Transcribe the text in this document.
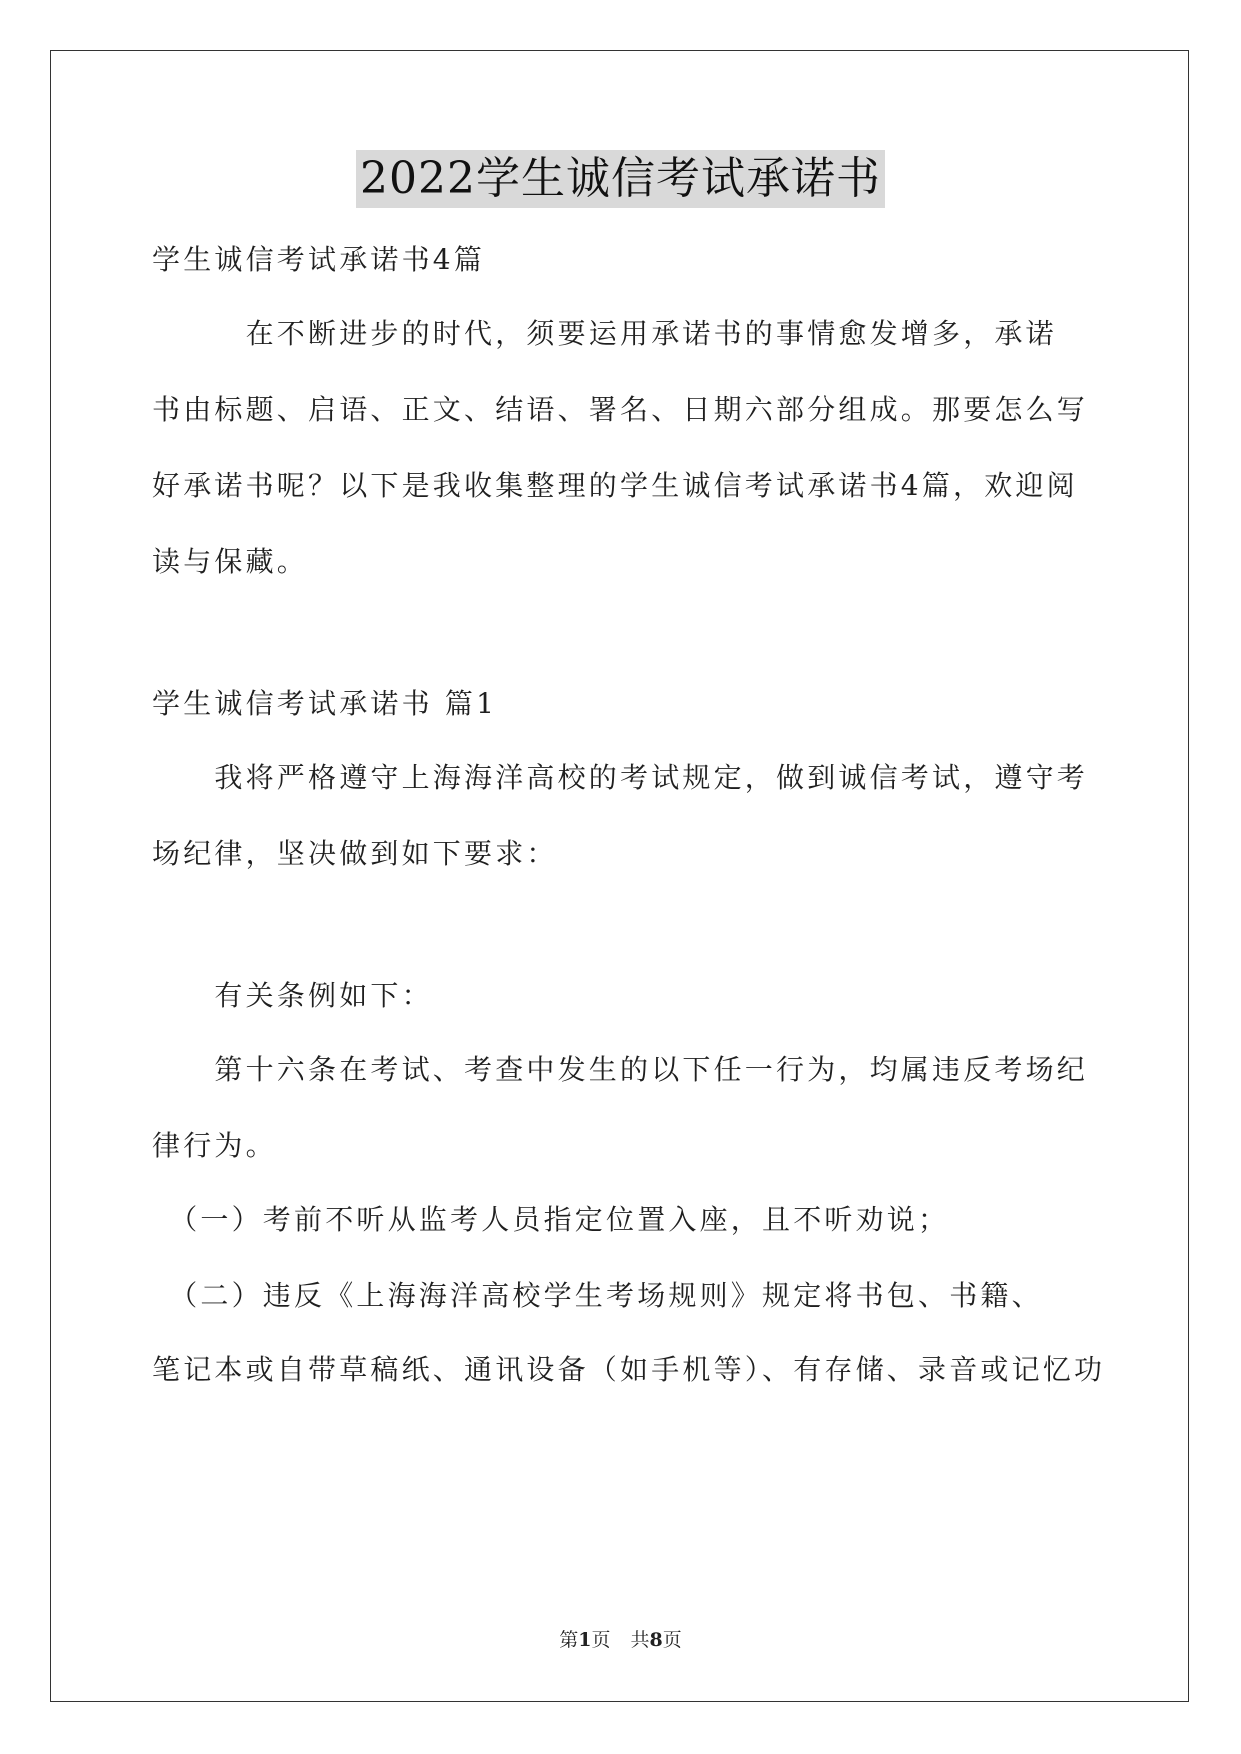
2022学生诚信考试承诺书
学生诚信考试承诺书4篇
　　　在不断进步的时代，须要运用承诺书的事情愈发增多，承诺
书由标题、启语、正文、结语、署名、日期六部分组成。那要怎么写
好承诺书呢？以下是我收集整理的学生诚信考试承诺书4篇，欢迎阅
读与保藏。
学生诚信考试承诺书 篇1
　　我将严格遵守上海海洋高校的考试规定，做到诚信考试，遵守考
场纪律，坚决做到如下要求：
　　有关条例如下：
　　第十六条在考试、考查中发生的以下任一行为，均属违反考场纪
律行为。
　（一）考前不听从监考人员指定位置入座，且不听劝说；
　（二）违反《上海海洋高校学生考场规则》规定将书包、书籍、
笔记本或自带草稿纸、通讯设备（如手机等）、有存储、录音或记忆功
第1页 共8页
